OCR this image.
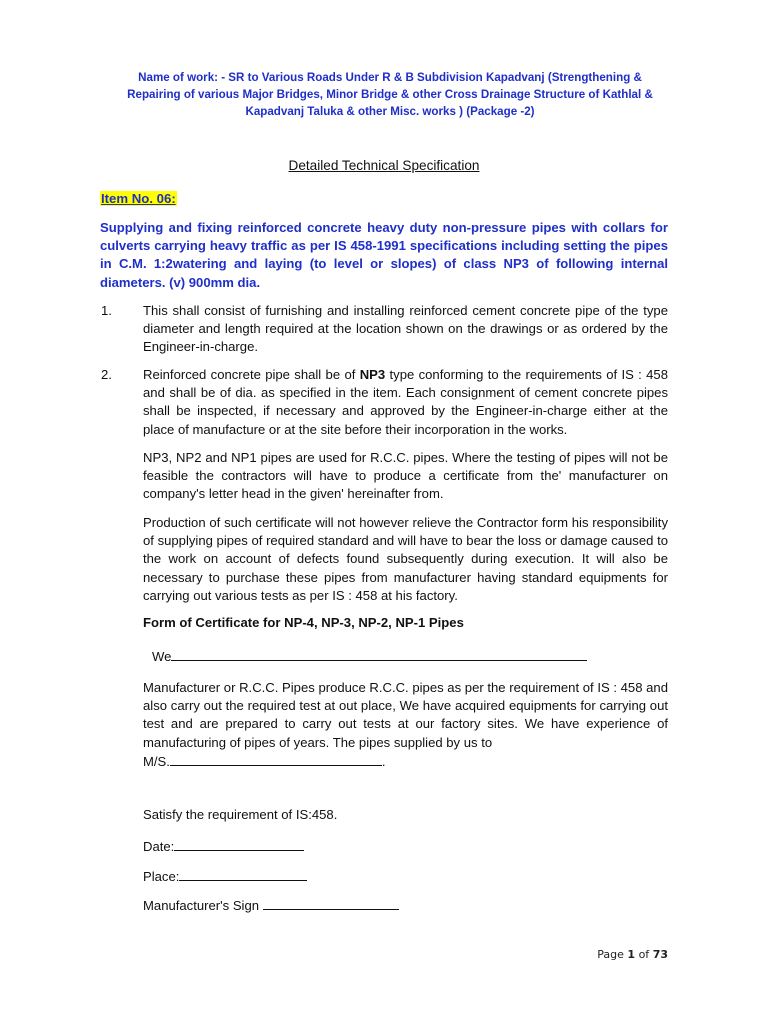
Name of work: - SR to Various Roads Under R & B Subdivision Kapadvanj (Strengthening &
Repairing of various Major Bridges, Minor Bridge & other Cross Drainage Structure of Kathlal &
Kapadvanj Taluka & other Misc. works ) (Package -2)
Detailed Technical Specification
Item No. 06:

Supplying and fixing reinforced concrete heavy duty non-pressure pipes with collars for culverts carrying heavy traffic as per IS 458-1991 specifications including setting the pipes in C.M. 1:2watering and laying (to level or slopes) of class NP3 of following internal diameters. (v) 900mm dia.

1. This shall consist of furnishing and installing reinforced cement concrete pipe of the type diameter and length required at the location shown on the drawings or as ordered by the Engineer-in-charge.

2. Reinforced concrete pipe shall be of NP3 type conforming to the requirements of IS : 458 and shall be of dia. as specified in the item. Each consignment of cement concrete pipes shall be inspected, if necessary and approved by the Engineer-in-charge either at the place of manufacture or at the site before their incorporation in the works.

NP3, NP2 and NP1 pipes are used for R.C.C. pipes. Where the testing of pipes will not be feasible the contractors will have to produce a certificate from the' manufacturer on company's letter head in the given' hereinafter from.

Production of such certificate will not however relieve the Contractor form his responsibility of supplying pipes of required standard and will have to bear the loss or damage caused to the work on account of defects found subsequently during execution. It will also be necessary to purchase these pipes from manufacturer having standard equipments for carrying out various tests as per IS : 458 at his factory.

Form of Certificate for NP-4, NP-3, NP-2, NP-1 Pipes
We

Manufacturer or R.C.C. Pipes produce R.C.C. pipes as per the requirement of IS : 458 and also carry out the required test at out place, We have acquired equipments for carrying out test and are prepared to carry out tests at our factory sites. We have experience of manufacturing of pipes of years. The pipes supplied by us to
M/S.	.

Satisfy the requirement of IS:458.
Date:
Place:
Manufacturer's Sign
Page 1 of 73
